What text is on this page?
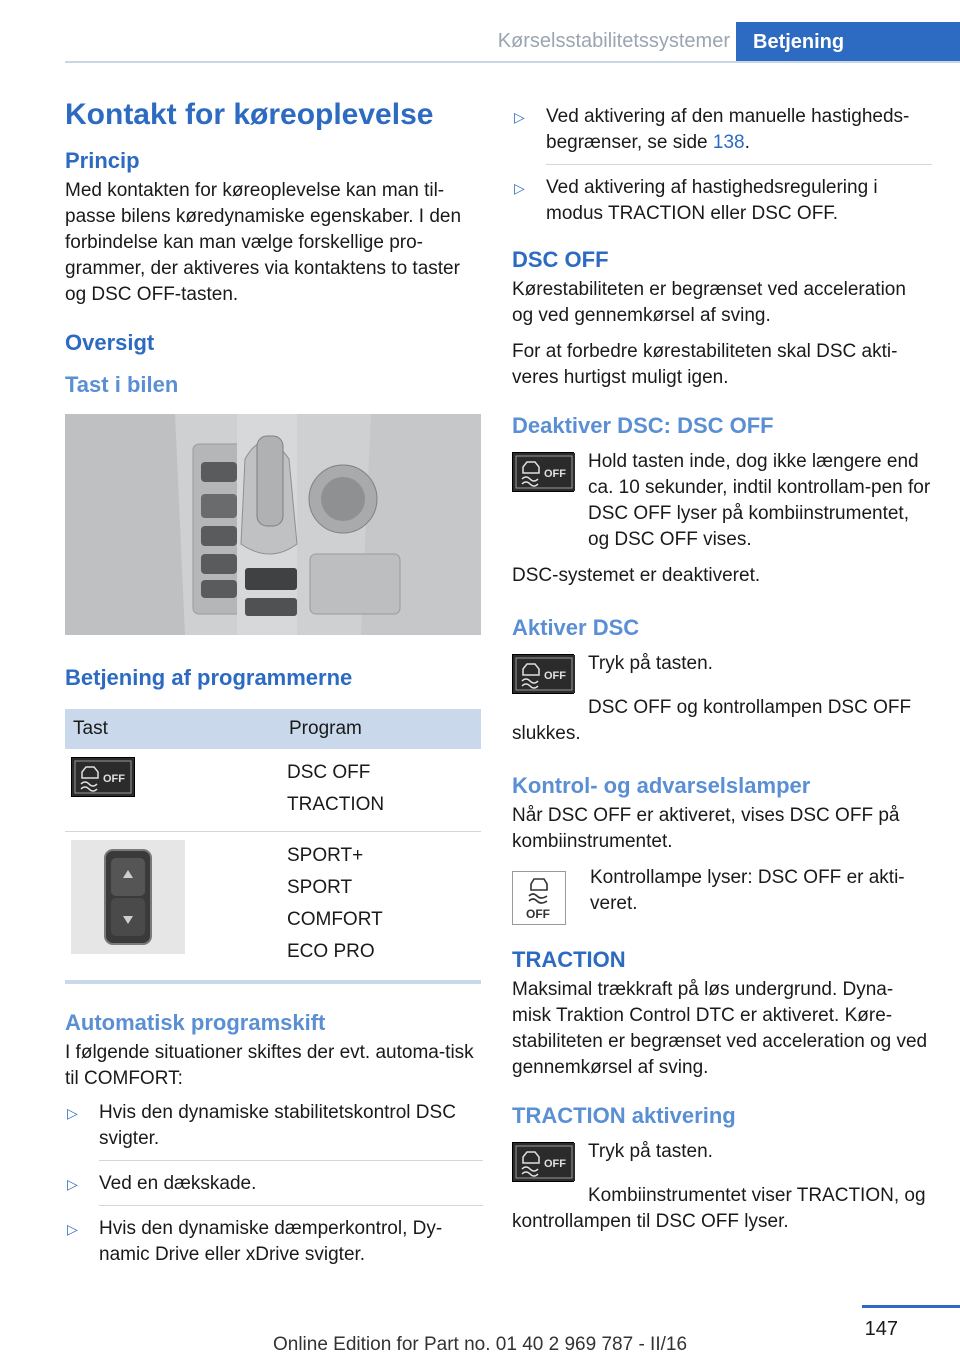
Kørselsstabilitetssystemer	Betjening
Kontakt for køreoplevelse
Princip

Med kontakten for køreoplevelse kan man til-passe bilens køredynamiske egenskaber. I den forbindelse kan man vælge forskellige pro-grammer, der aktiveres via kontaktens to taster og DSC OFF-tasten.

Oversigt
Tast i bilen
Betjening af programmerne
Tast	Program

OFF	DSC OFF
TRACTION

SPORT+
SPORT
COMFORT
ECO PRO
Automatisk programskift

I følgende situationer skiftes der evt. automa-tisk til COMFORT:

▷ Hvis den dynamiske stabilitetskontrol DSC svigter.
▷ Ved en dækskade.
▷ Hvis den dynamiske dæmperkontrol, Dy-namic Drive eller xDrive svigter.
▷ Ved aktivering af den manuelle hastigheds-begrænser, se side 138.
▷ Ved aktivering af hastighedsregulering i modus TRACTION eller DSC OFF.
DSC OFF

Kørestabiliteten er begrænset ved acceleration og ved gennemkørsel af sving.

For at forbedre kørestabiliteten skal DSC akti-veres hurtigst muligt igen.

Deaktiver DSC: DSC OFF
OFF

Hold tasten inde, dog ikke længere end ca. 10 sekunder, indtil kontrollam-pen for DSC OFF lyser på kombiinstrumentet, og DSC OFF vises.

DSC-systemet er deaktiveret.

Aktiver DSC
OFF

Tryk på tasten.

DSC OFF og kontrollampen DSC OFF slukkes.

Kontrol- og advarselslamper

Når DSC OFF er aktiveret, vises DSC OFF på kombiinstrumentet.

OFF

Kontrollampe lyser: DSC OFF er akti-veret.

TRACTION

Maksimal trækkraft på løs undergrund. Dyna-misk Traktion Control DTC er aktiveret. Køre-stabiliteten er begrænset ved acceleration og ved gennemkørsel af sving.

TRACTION aktivering
OFF

Tryk på tasten.

Kombiinstrumentet viser TRACTION, og kontrollampen til DSC OFF lyser.

147
Online Edition for Part no. 01 40 2 969 787 - II/16
